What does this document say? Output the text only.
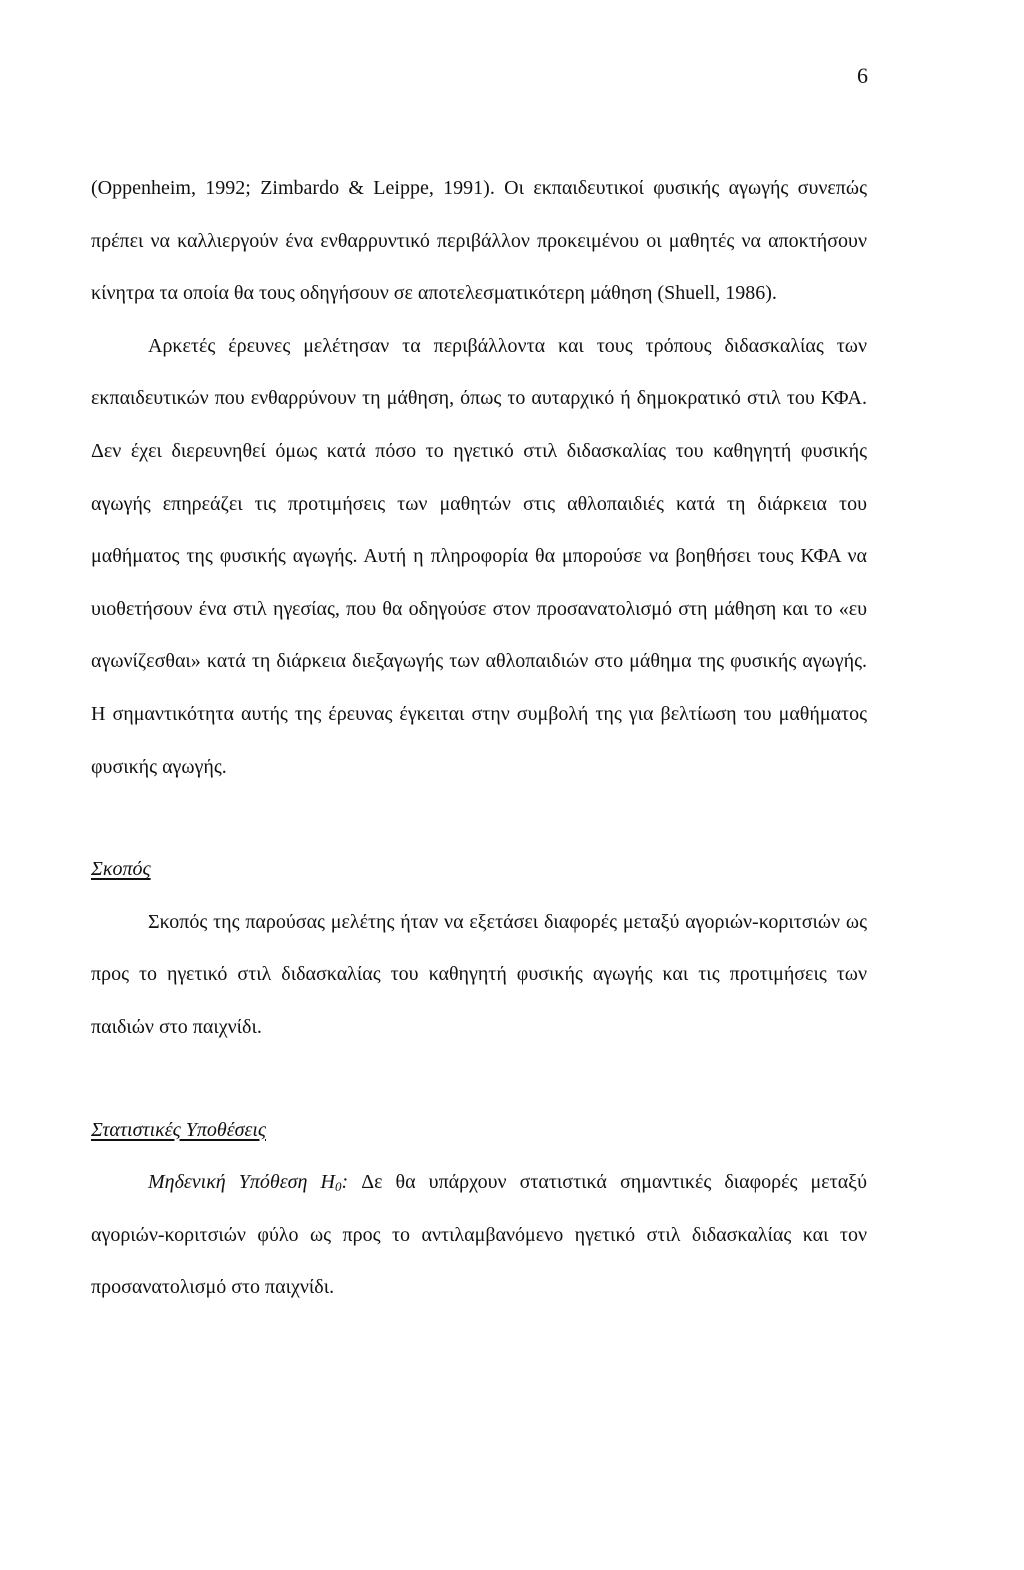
6

(Oppenheim, 1992; Zimbardo & Leippe, 1991). Οι εκπαιδευτικοί φυσικής αγωγής συνεπώς πρέπει να καλλιεργούν ένα ενθαρρυντικό περιβάλλον προκειμένου οι μαθητές να αποκτήσουν κίνητρα τα οποία θα τους οδηγήσουν σε αποτελεσματικότερη μάθηση (Shuell, 1986).

Αρκετές έρευνες μελέτησαν τα περιβάλλοντα και τους τρόπους διδασκαλίας των εκπαιδευτικών που ενθαρρύνουν τη μάθηση, όπως το αυταρχικό ή δημοκρατικό στιλ του ΚΦΑ. Δεν έχει διερευνηθεί όμως κατά πόσο το ηγετικό στιλ διδασκαλίας του καθηγητή φυσικής αγωγής επηρεάζει τις προτιμήσεις των μαθητών στις αθλοπαιδιές κατά τη διάρκεια του μαθήματος της φυσικής αγωγής. Αυτή η πληροφορία θα μπορούσε να βοηθήσει τους ΚΦΑ να υιοθετήσουν ένα στιλ ηγεσίας, που θα οδηγούσε στον προσανατολισμό στη μάθηση και το «ευ αγωνίζεσθαι» κατά τη διάρκεια διεξαγωγής των αθλοπαιδιών στο μάθημα της φυσικής αγωγής. Η σημαντικότητα αυτής της έρευνας έγκειται στην συμβολή της για βελτίωση του μαθήματος φυσικής αγωγής.

Σκοπός

Σκοπός της παρούσας μελέτης ήταν να εξετάσει διαφορές μεταξύ αγοριών-κοριτσιών ως προς το ηγετικό στιλ διδασκαλίας του καθηγητή φυσικής αγωγής και τις προτιμήσεις των παιδιών στο παιχνίδι.

Στατιστικές Υποθέσεις

Μηδενική Υπόθεση $H_0$: Δε θα υπάρχουν στατιστικά σημαντικές διαφορές μεταξύ αγοριών-κοριτσιών φύλο ως προς το αντιλαμβανόμενο ηγετικό στιλ διδασκαλίας και τον προσανατολισμό στο παιχνίδι.
